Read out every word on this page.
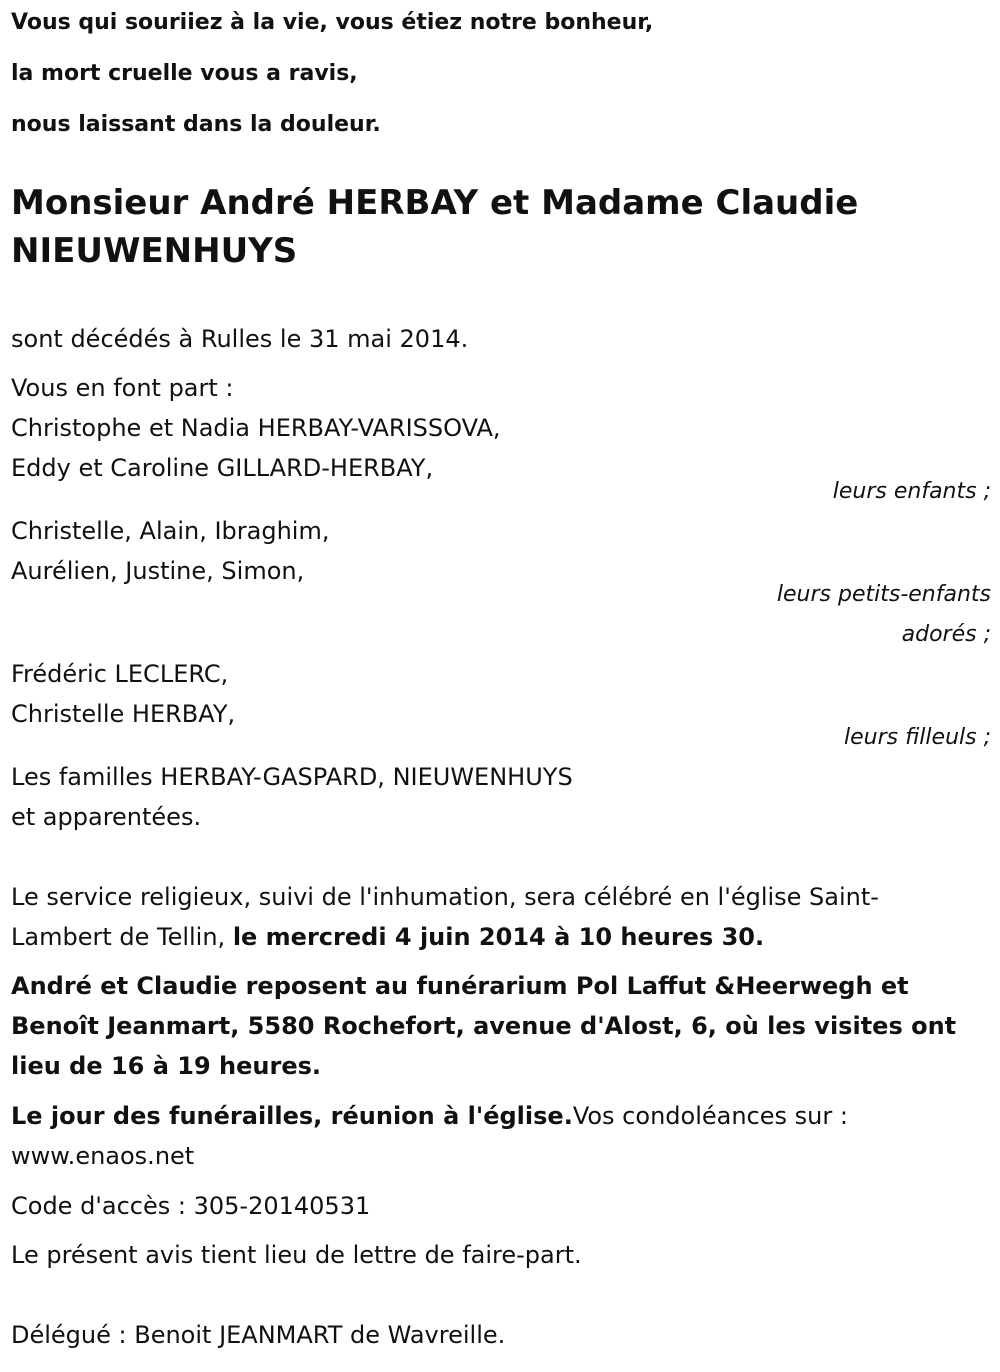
Vous qui souriiez à la vie, vous étiez notre bonheur,
la mort cruelle vous a ravis,
nous laissant dans la douleur.
Monsieur André HERBAY et Madame Claudie
NIEUWENHUYS
sont décédés à Rulles le 31 mai 2014.
Vous en font part :
Christophe et Nadia HERBAY-VARISSOVA,
Eddy et Caroline GILLARD-HERBAY,
leurs enfants ;
Christelle, Alain, Ibraghim,
Aurélien, Justine, Simon,
leurs petits-enfants
adorés ;
Frédéric LECLERC,
Christelle HERBAY,
leurs filleuls ;
Les familles HERBAY-GASPARD, NIEUWENHUYS
et apparentées.
Le service religieux, suivi de l'inhumation, sera célébré en l'église Saint-
Lambert de Tellin, le mercredi 4 juin 2014 à 10 heures 30.
André et Claudie reposent au funérarium Pol Laffut &Heerwegh et
Benoît Jeanmart, 5580 Rochefort, avenue d'Alost, 6, où les visites ont
lieu de 16 à 19 heures.
Le jour des funérailles, réunion à l'église.Vos condoléances sur :
www.enaos.net
Code d'accès : 305-20140531
Le présent avis tient lieu de lettre de faire-part.
Délégué : Benoit JEANMART de Wavreille.
